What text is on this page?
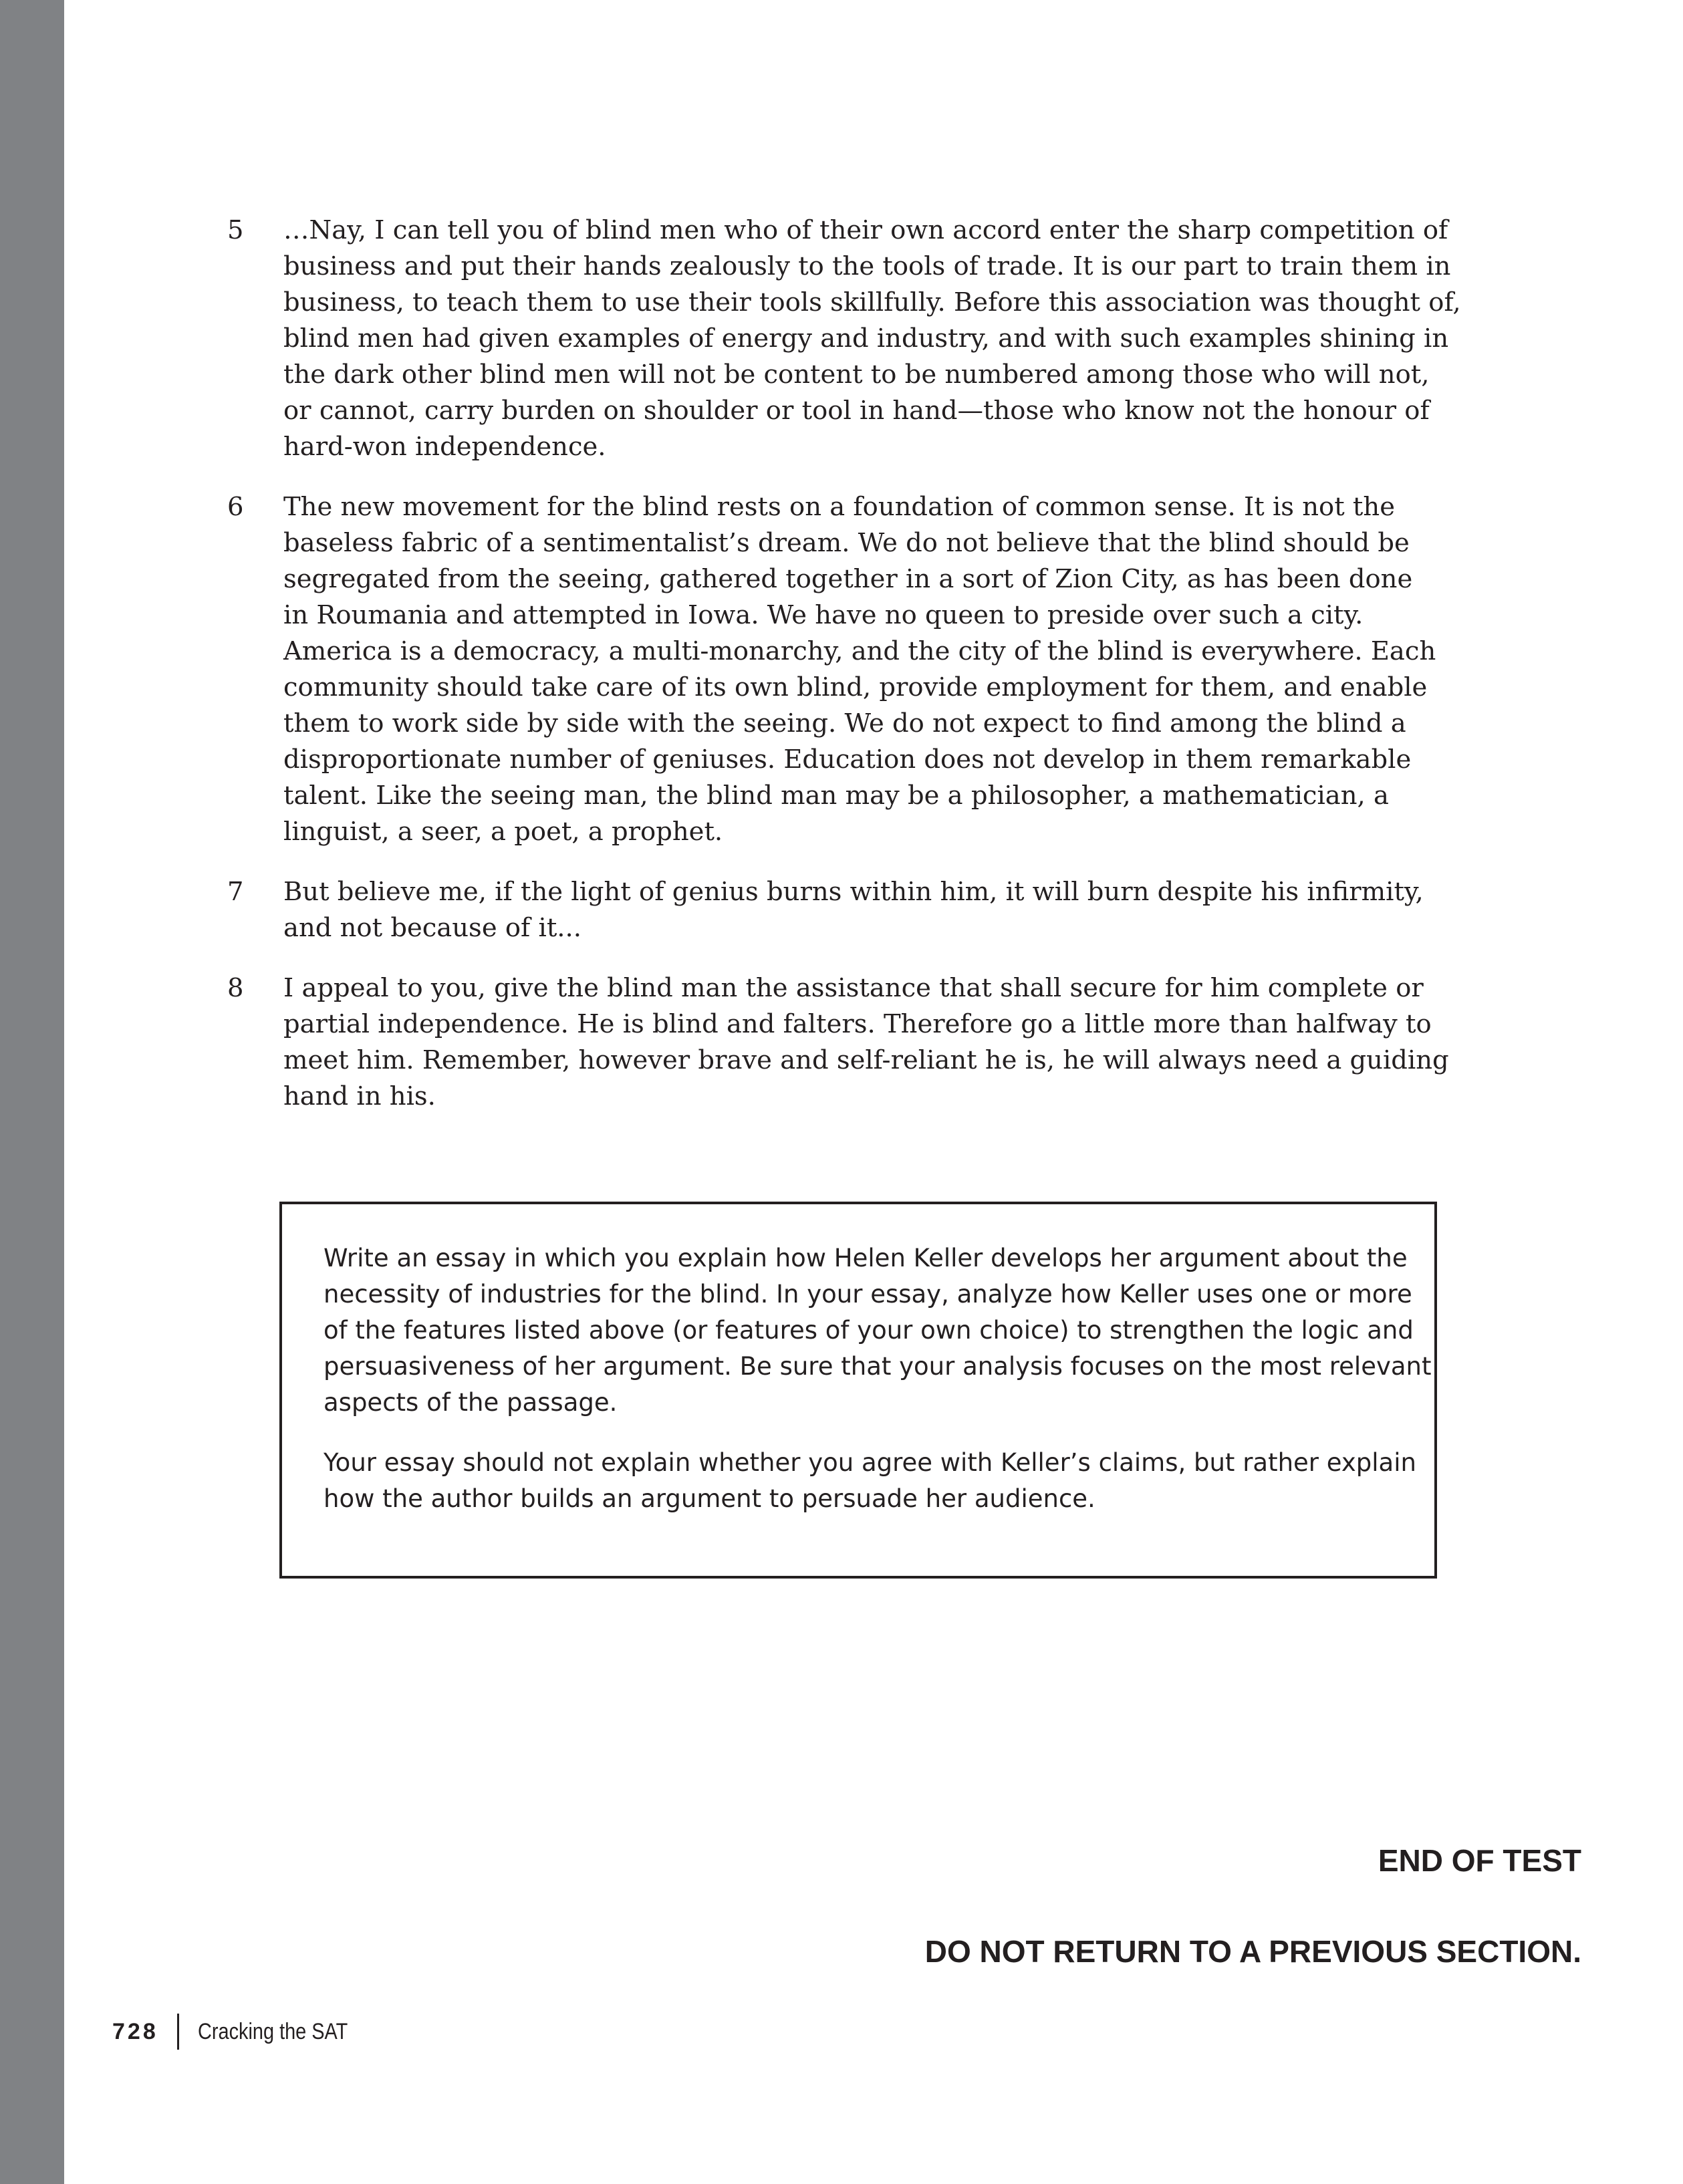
5 …Nay, I can tell you of blind men who of their own accord enter the sharp competition of
business and put their hands zealously to the tools of trade. It is our part to train them in
business, to teach them to use their tools skillfully. Before this association was thought of,
blind men had given examples of energy and industry, and with such examples shining in
the dark other blind men will not be content to be numbered among those who will not,
or cannot, carry burden on shoulder or tool in hand—those who know not the honour of
hard-won independence.
6 The new movement for the blind rests on a foundation of common sense. It is not the
baseless fabric of a sentimentalist’s dream. We do not believe that the blind should be
segregated from the seeing, gathered together in a sort of Zion City, as has been done
in Roumania and attempted in Iowa. We have no queen to preside over such a city.
America is a democracy, a multi-monarchy, and the city of the blind is everywhere. Each
community should take care of its own blind, provide employment for them, and enable
them to work side by side with the seeing. We do not expect to find among the blind a
disproportionate number of geniuses. Education does not develop in them remarkable
talent. Like the seeing man, the blind man may be a philosopher, a mathematician, a
linguist, a seer, a poet, a prophet.
7 But believe me, if the light of genius burns within him, it will burn despite his infirmity,
and not because of it...
8 I appeal to you, give the blind man the assistance that shall secure for him complete or
partial independence. He is blind and falters. Therefore go a little more than halfway to
meet him. Remember, however brave and self-reliant he is, he will always need a guiding
hand in his.

Write an essay in which you explain how Helen Keller develops her argument about the necessity of industries for the blind. In your essay, analyze how Keller uses one or more of the features listed above (or features of your own choice) to strengthen the logic and persuasiveness of her argument. Be sure that your analysis focuses on the most relevant aspects of the passage.

Your essay should not explain whether you agree with Keller’s claims, but rather explain how the author builds an argument to persuade her audience.

END OF TEST
DO NOT RETURN TO A PREVIOUS SECTION.
728 Cracking the SAT
